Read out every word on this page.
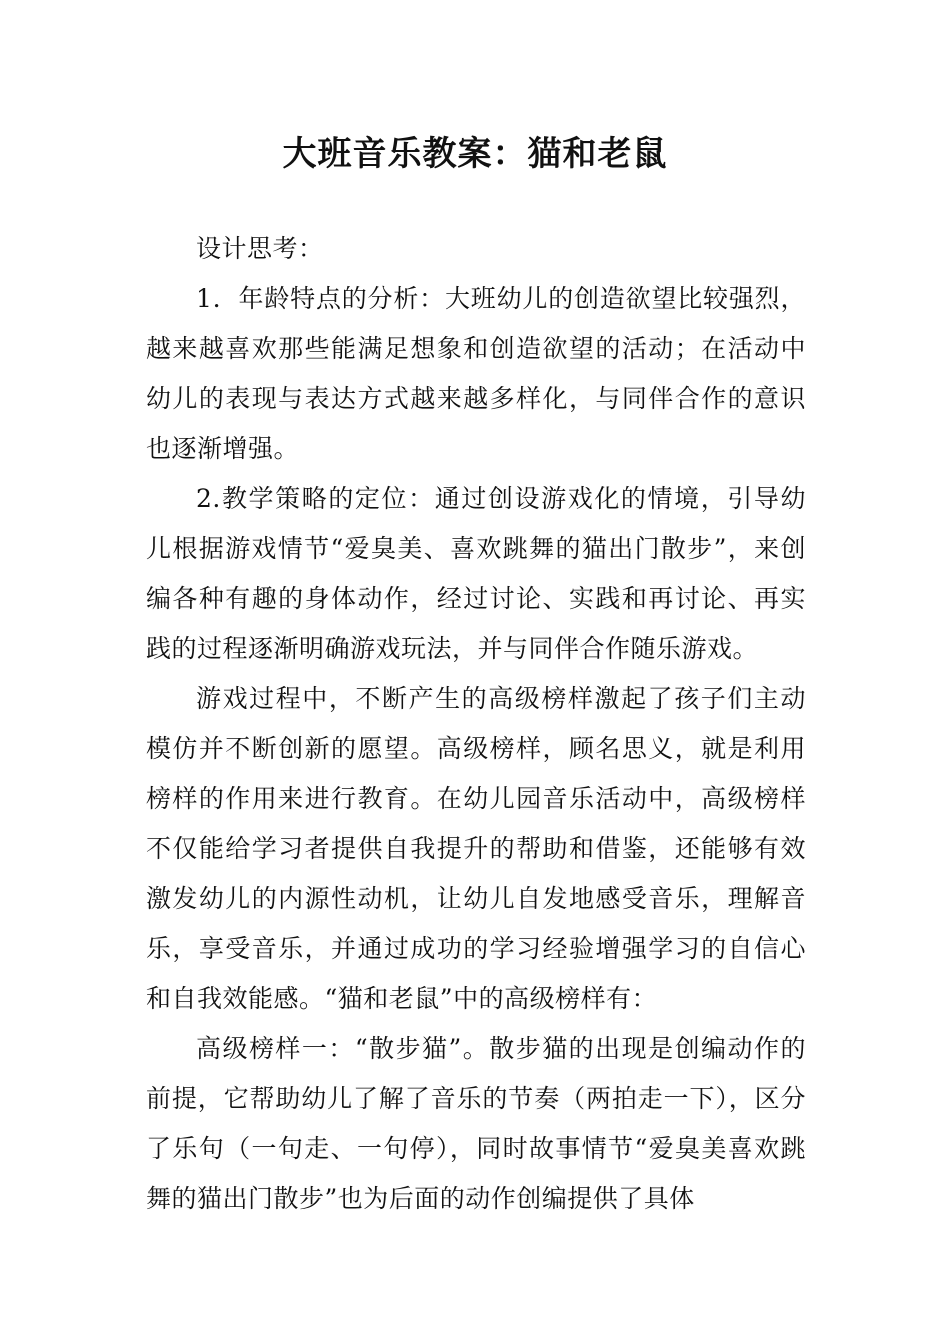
大班音乐教案：猫和老鼠

设计思考：

1．年龄特点的分析：大班幼儿的创造欲望比较强烈，越来越喜欢那些能满足想象和创造欲望的活动；在活动中幼儿的表现与表达方式越来越多样化，与同伴合作的意识也逐渐增强。

2.教学策略的定位：通过创设游戏化的情境，引导幼儿根据游戏情节“爱臭美、喜欢跳舞的猫出门散步”，来创编各种有趣的身体动作，经过讨论、实践和再讨论、再实践的过程逐渐明确游戏玩法，并与同伴合作随乐游戏。

游戏过程中，不断产生的高级榜样激起了孩子们主动模仿并不断创新的愿望。高级榜样，顾名思义，就是利用榜样的作用来进行教育。在幼儿园音乐活动中，高级榜样不仅能给学习者提供自我提升的帮助和借鉴，还能够有效激发幼儿的内源性动机，让幼儿自发地感受音乐，理解音乐，享受音乐，并通过成功的学习经验增强学习的自信心和自我效能感。“猫和老鼠”中的高级榜样有：

高级榜样一：“散步猫”。散步猫的出现是创编动作的前提，它帮助幼儿了解了音乐的节奏（两拍走一下），区分了乐句（一句走、一句停），同时故事情节“爱臭美喜欢跳舞的猫出门散步”也为后面的动作创编提供了具体
